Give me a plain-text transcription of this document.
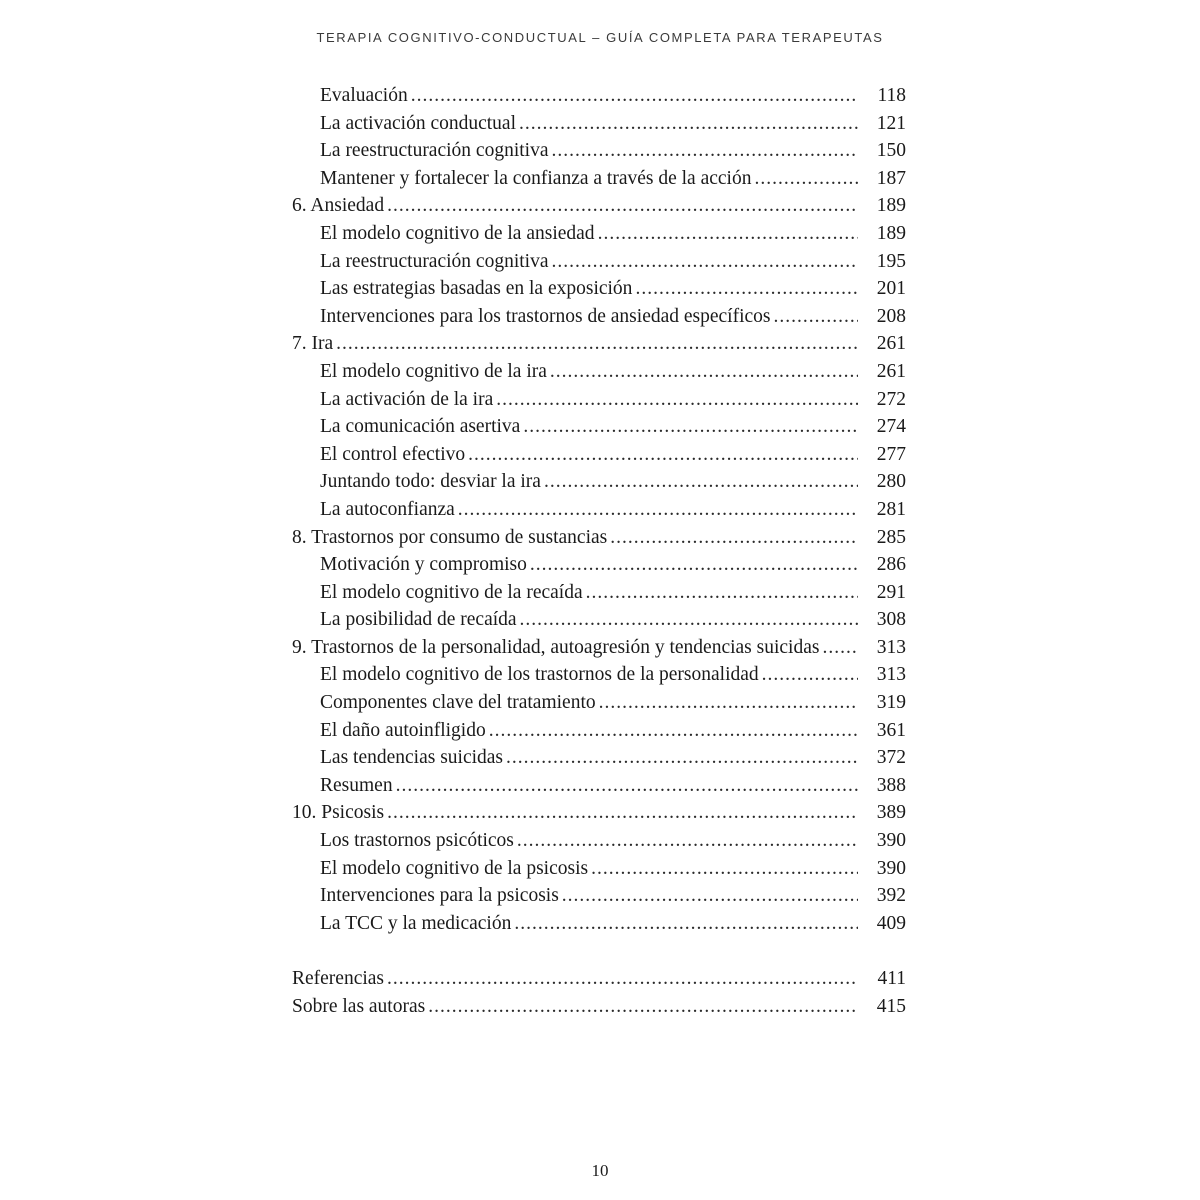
TERAPIA COGNITIVO-CONDUCTUAL – GUÍA COMPLETA PARA TERAPEUTAS
Evaluación .....	118
La activación conductual .....	121
La reestructuración cognitiva .....	150
Mantener y fortalecer la confianza a través de la acción .....	187
6. Ansiedad .....	189
El modelo cognitivo de la ansiedad .....	189
La reestructuración cognitiva .....	195
Las estrategias basadas en la exposición .....	201
Intervenciones para los trastornos de ansiedad específicos .....	208
7. Ira .....	261
El modelo cognitivo de la ira .....	261
La activación de la ira .....	272
La comunicación asertiva .....	274
El control efectivo .....	277
Juntando todo: desviar la ira .....	280
La autoconfianza .....	281
8. Trastornos por consumo de sustancias .....	285
Motivación y compromiso .....	286
El modelo cognitivo de la recaída .....	291
La posibilidad de recaída .....	308
9. Trastornos de la personalidad, autoagresión y tendencias suicidas .....	313
El modelo cognitivo de los trastornos de la personalidad .....	313
Componentes clave del tratamiento .....	319
El daño autoinfligido .....	361
Las tendencias suicidas .....	372
Resumen .....	388
10. Psicosis .....	389
Los trastornos psicóticos .....	390
El modelo cognitivo de la psicosis .....	390
Intervenciones para la psicosis .....	392
La TCC y la medicación .....	409
Referencias .....	411
Sobre las autoras .....	415
10
